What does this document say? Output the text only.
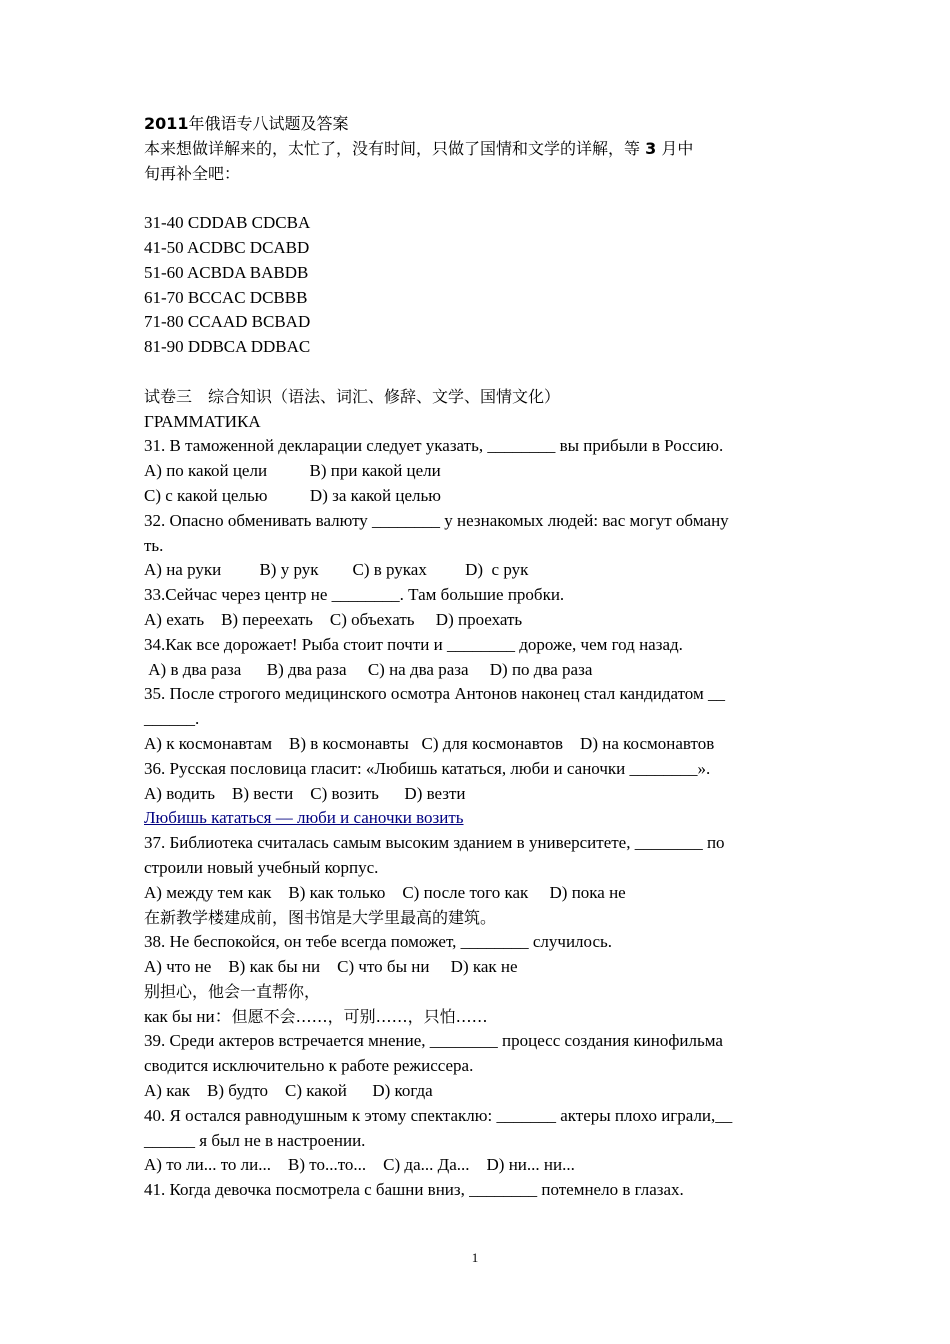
2011年俄语专八试题及答案
本来想做详解来的，太忙了，没有时间，只做了国情和文学的详解，等 3 月中
旬再补全吧：
31-40 CDDAB CDCBA
41-50 ACDBC DCABD
51-60 ACBDA BABDB
61-70 BCCAC DCBBB
71-80 CCAAD BCBAD
81-90 DDBCA DDBAC
试卷三　综合知识（语法、词汇、修辞、文学、国情文化）
ГРАММАТИКА
31. В таможенной декларации следует указать, ________ вы прибыли в Россию.
А) по какой цели          В) при какой цели
С) с какой целью          D) за какой целью
32. Опасно обменивать валюту ________ у незнакомых людей: вас могут обману
ть.
А) на руки         В) у рук        С) в руках         D)  с рук
33.Сейчас через центр не ________. Там большие пробки.
А) ехать    В) переехать    С) объехать     D) проехать
34.Как все дорожает! Рыба стоит почти и ________ дороже, чем год назад.
А) в два раза      В) два раза     С) на два раза     D) по два раза
35. После строгого медицинского осмотра Антонов наконец стал кандидатом __
______.
А) к космонавтам    В) в космонавты   С) для космонавтов    D) на космонавтов
36. Русская пословица гласит: «Любишь кататься, люби и саночки ________».
А) водить    В) вести    С) возить      D) везти
Любишь кататься — люби и саночки возить
37. Библиотека считалась самым высоким зданием в университете, ________ по
строили новый учебный корпус.
А) между тем как    В) как только    С) после того как     D) пока не
在新教学楼建成前，图书馆是大学里最高的建筑。
38. Не беспокойся, он тебе всегда поможет, ________ случилось.
А) что не    В) как бы ни    С) что бы ни     D) как не
别担心，他会一直帮你，
как бы ни：但愿不会……，可别……，只怕……
39. Среди актеров встречается мнение, ________ процесс создания кинофильма
сводится исключительно к работе режиссера.
А) как    В) будто    С) какой      D) когда
40. Я остался равнодушным к этому спектаклю: _______ актеры плохо играли,__
______ я был не в настроении.
А) то ли... то ли...    В) то...то...    С) да... Да...    D) ни... ни...
41. Когда девочка посмотрела с башни вниз, ________ потемнело в глазах.
1
